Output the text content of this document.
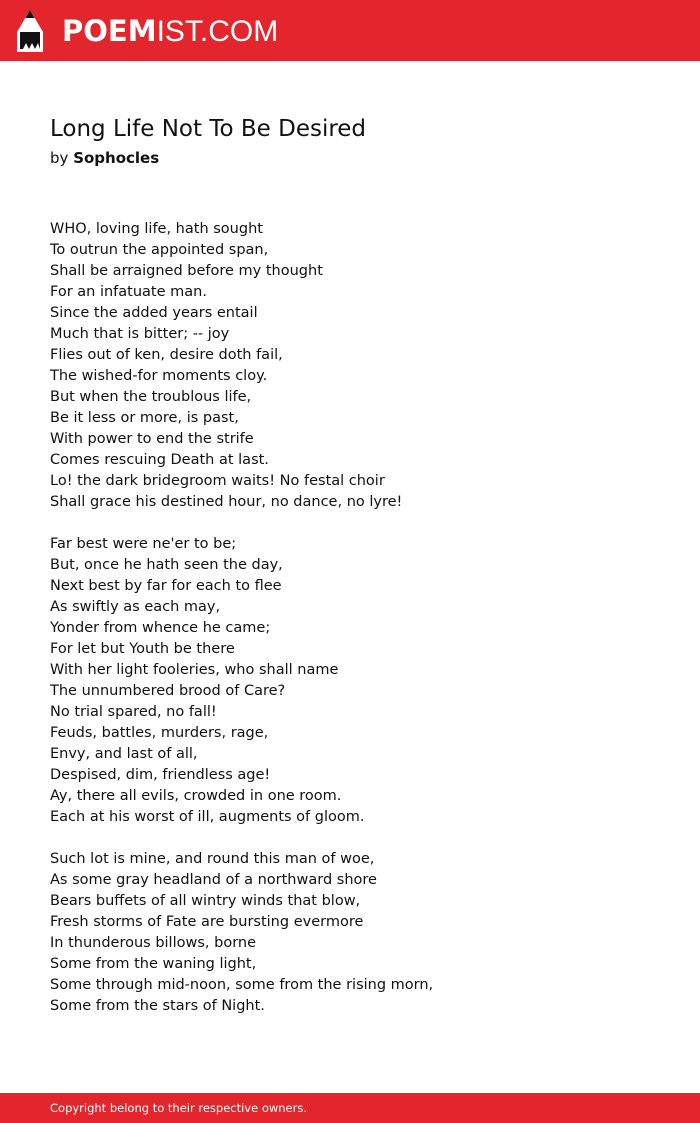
POEMIST.COM
Long Life Not To Be Desired
by Sophocles
WHO, loving life, hath sought
To outrun the appointed span,
Shall be arraigned before my thought
For an infatuate man.
Since the added years entail
Much that is bitter; -- joy
Flies out of ken, desire doth fail,
The wished-for moments cloy.
But when the troublous life,
Be it less or more, is past,
With power to end the strife
Comes rescuing Death at last.
Lo! the dark bridegroom waits! No festal choir
Shall grace his destined hour, no dance, no lyre!
Far best were ne'er to be;
But, once he hath seen the day,
Next best by far for each to flee
As swiftly as each may,
Yonder from whence he came;
For let but Youth be there
With her light fooleries, who shall name
The unnumbered brood of Care?
No trial spared, no fall!
Feuds, battles, murders, rage,
Envy, and last of all,
Despised, dim, friendless age!
Ay, there all evils, crowded in one room.
Each at his worst of ill, augments of gloom.
Such lot is mine, and round this man of woe,
As some gray headland of a northward shore
Bears buffets of all wintry winds that blow,
Fresh storms of Fate are bursting evermore
In thunderous billows, borne
Some from the waning light,
Some through mid-noon, some from the rising morn,
Some from the stars of Night.
Copyright belong to their respective owners.
